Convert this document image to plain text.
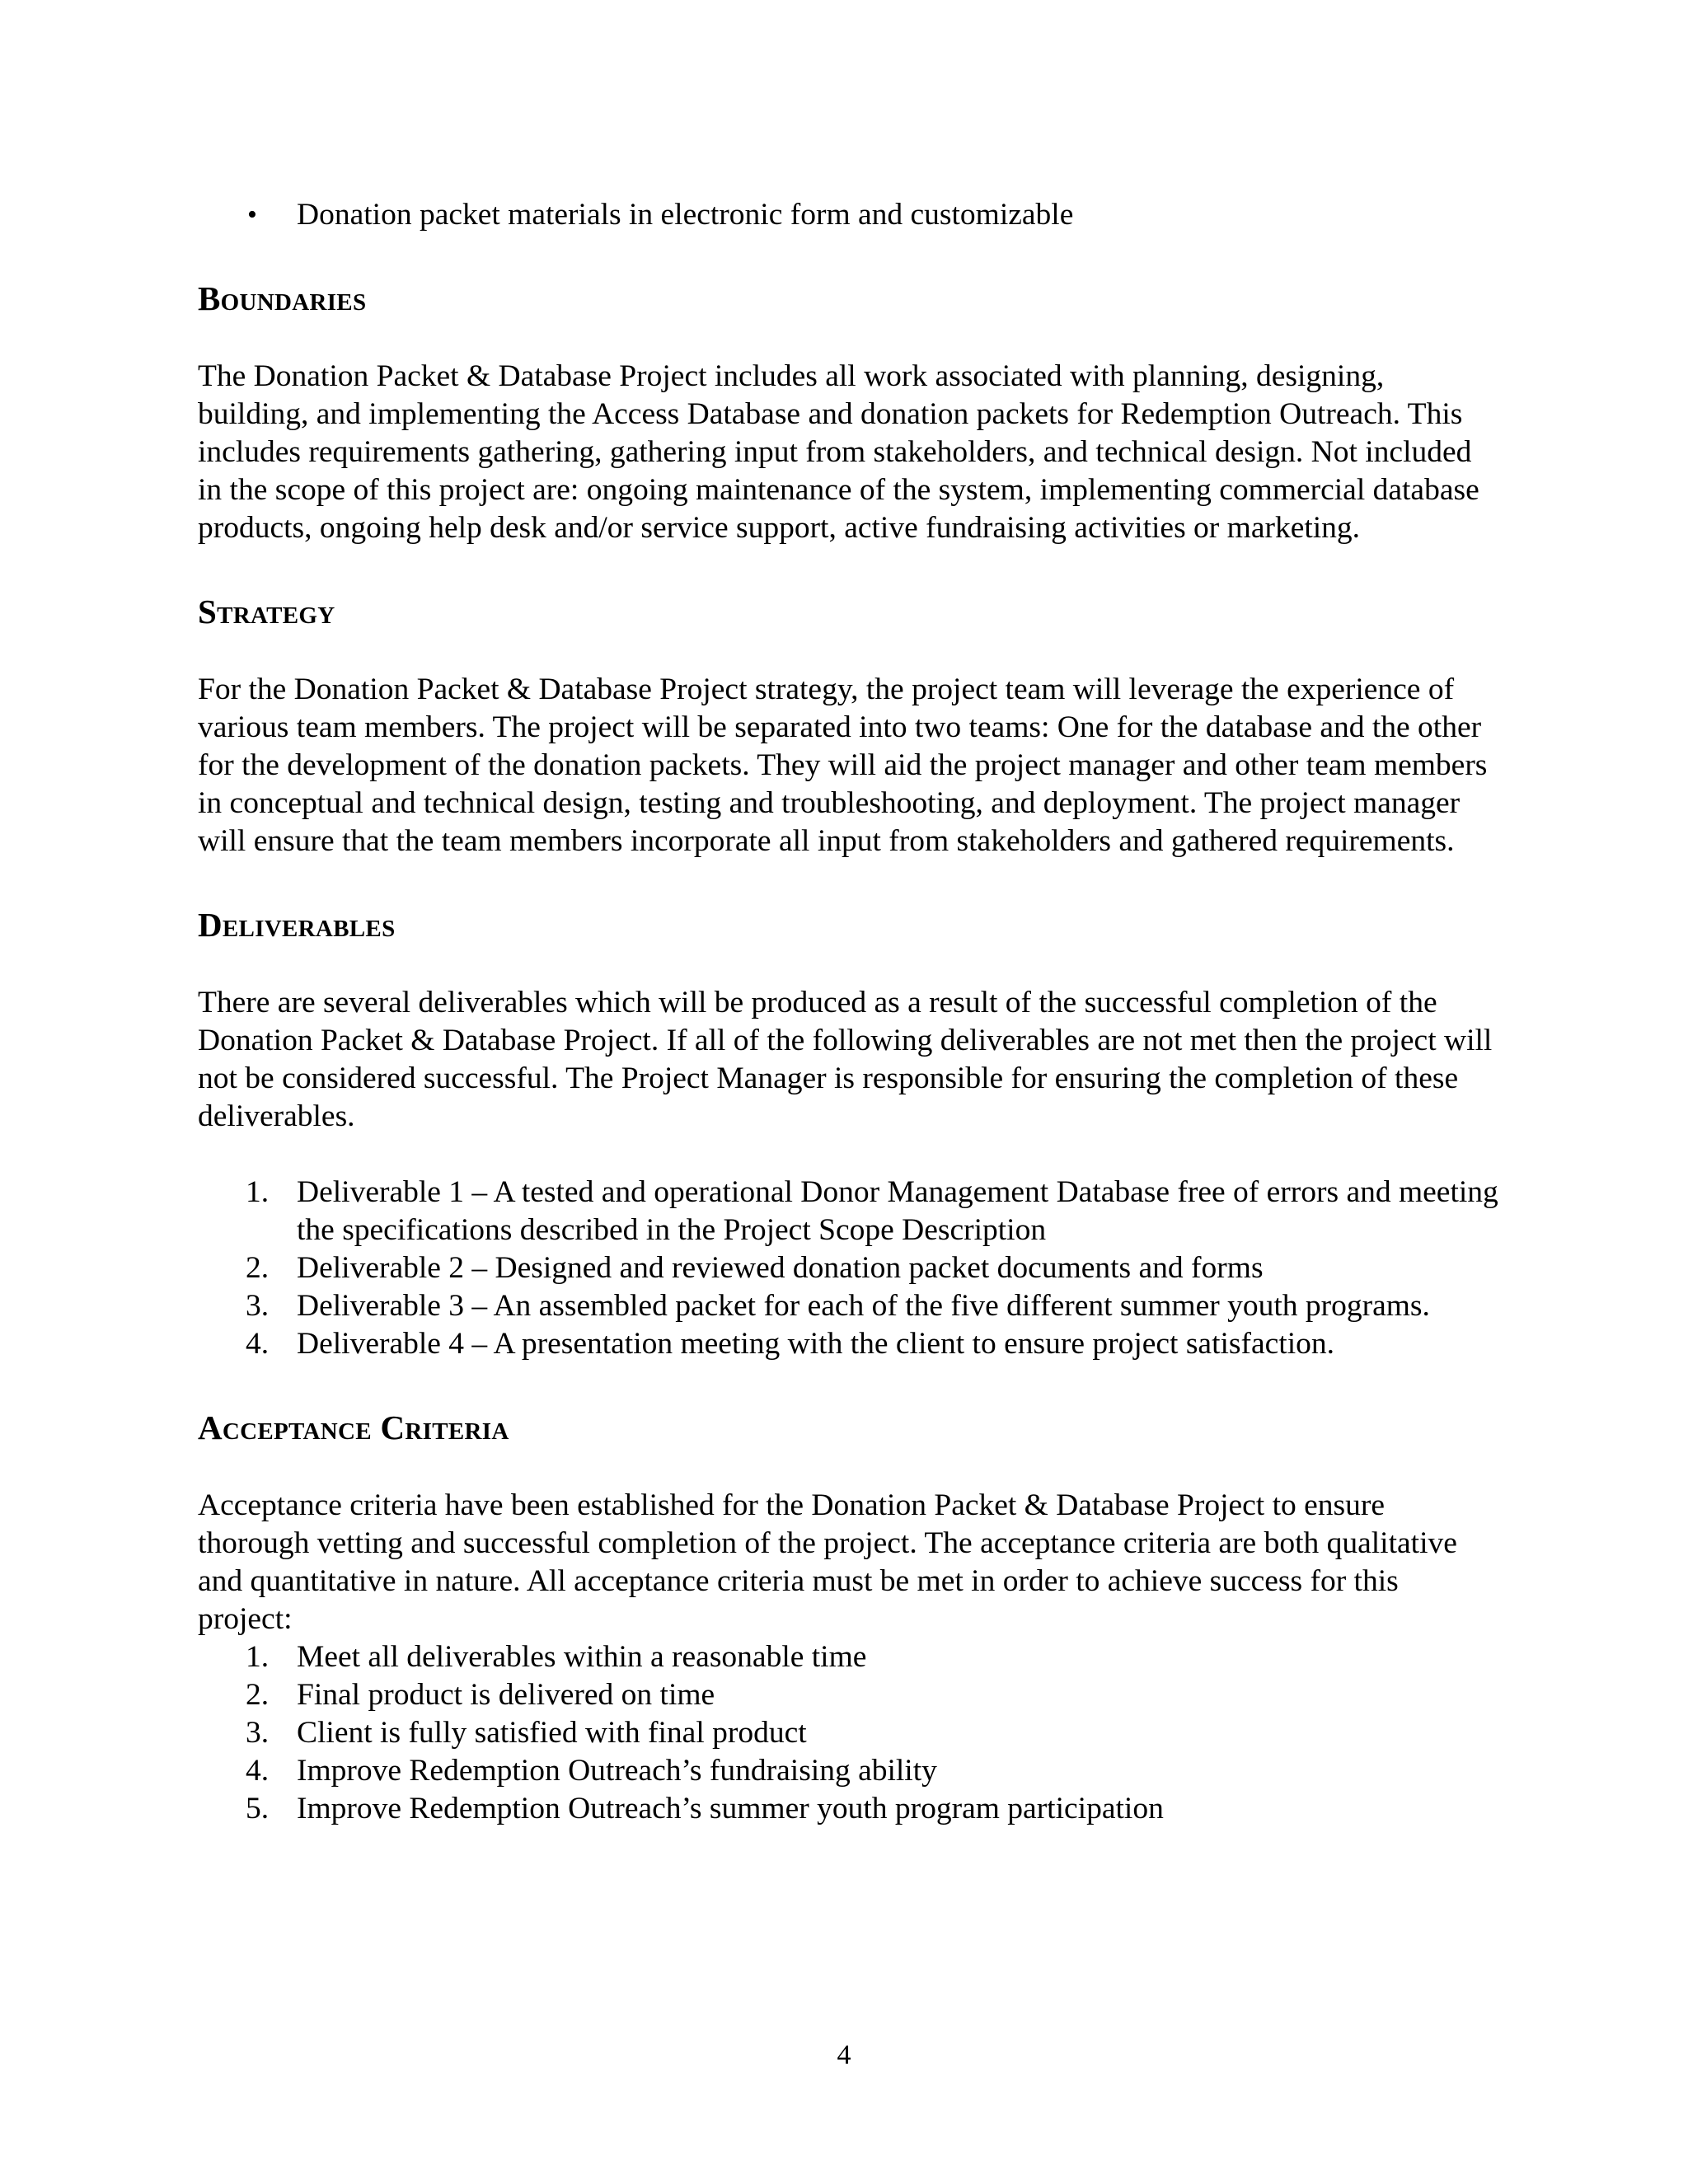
• Donation packet materials in electronic form and customizable
Boundaries

The Donation Packet & Database Project includes all work associated with planning, designing, building, and implementing the Access Database and donation packets for Redemption Outreach. This includes requirements gathering, gathering input from stakeholders, and technical design. Not included in the scope of this project are: ongoing maintenance of the system, implementing commercial database products, ongoing help desk and/or service support, active fundraising activities or marketing.

Strategy

For the Donation Packet & Database Project strategy, the project team will leverage the experience of various team members. The project will be separated into two teams: One for the database and the other for the development of the donation packets. They will aid the project manager and other team members in conceptual and technical design, testing and troubleshooting, and deployment. The project manager will ensure that the team members incorporate all input from stakeholders and gathered requirements.

Deliverables

There are several deliverables which will be produced as a result of the successful completion of the Donation Packet & Database Project. If all of the following deliverables are not met then the project will not be considered successful. The Project Manager is responsible for ensuring the completion of these deliverables.

1. Deliverable 1 – A tested and operational Donor Management Database free of errors and meeting the specifications described in the Project Scope Description
2. Deliverable 2 – Designed and reviewed donation packet documents and forms
3. Deliverable 3 – An assembled packet for each of the five different summer youth programs.
4. Deliverable 4 – A presentation meeting with the client to ensure project satisfaction.
Acceptance Criteria

Acceptance criteria have been established for the Donation Packet & Database Project to ensure thorough vetting and successful completion of the project. The acceptance criteria are both qualitative and quantitative in nature. All acceptance criteria must be met in order to achieve success for this project:

1. Meet all deliverables within a reasonable time
2. Final product is delivered on time
3. Client is fully satisfied with final product
4. Improve Redemption Outreach’s fundraising ability
5. Improve Redemption Outreach’s summer youth program participation
4
